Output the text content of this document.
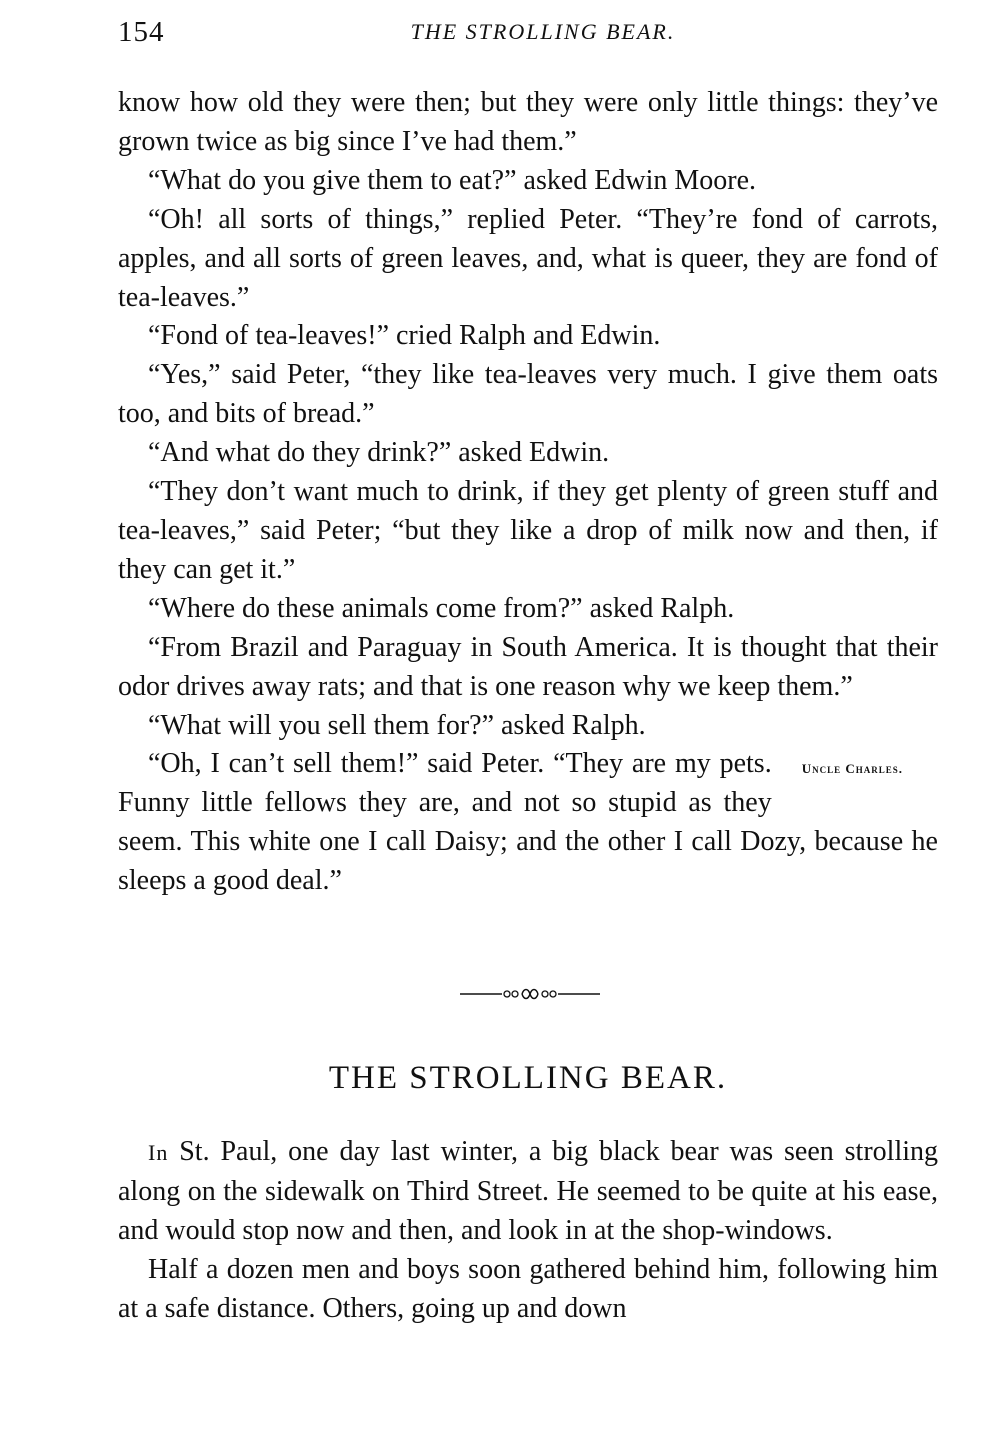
154	THE STROLLING BEAR.

know how old they were then; but they were only little things: they’ve grown twice as big since I’ve had them.”

“What do you give them to eat?” asked Edwin Moore.

“Oh! all sorts of things,” replied Peter. “They’re fond of carrots, apples, and all sorts of green leaves, and, what is queer, they are fond of tea-leaves.”

“Fond of tea-leaves!” cried Ralph and Edwin.

“Yes,” said Peter, “they like tea-leaves very much. I give them oats too, and bits of bread.”

“And what do they drink?” asked Edwin.

“They don’t want much to drink, if they get plenty of green stuff and tea-leaves,” said Peter; “but they like a drop of milk now and then, if they can get it.”

“Where do these animals come from?” asked Ralph.

“From Brazil and Paraguay in South America. It is thought that their odor drives away rats; and that is one reason why we keep them.”

“What will you sell them for?” asked Ralph.

Uncle Charles.
“Oh, I can’t sell them!” said Peter. “They are my pets. Funny little fellows they are, and not so stupid as they seem. This white one I call Daisy; and the other I call Dozy, because he sleeps a good deal.”

THE STROLLING BEAR.

In St. Paul, one day last winter, a big black bear was seen strolling along on the sidewalk on Third Street. He seemed to be quite at his ease, and would stop now and then, and look in at the shop-windows.

Half a dozen men and boys soon gathered behind him, following him at a safe distance. Others, going up and down
